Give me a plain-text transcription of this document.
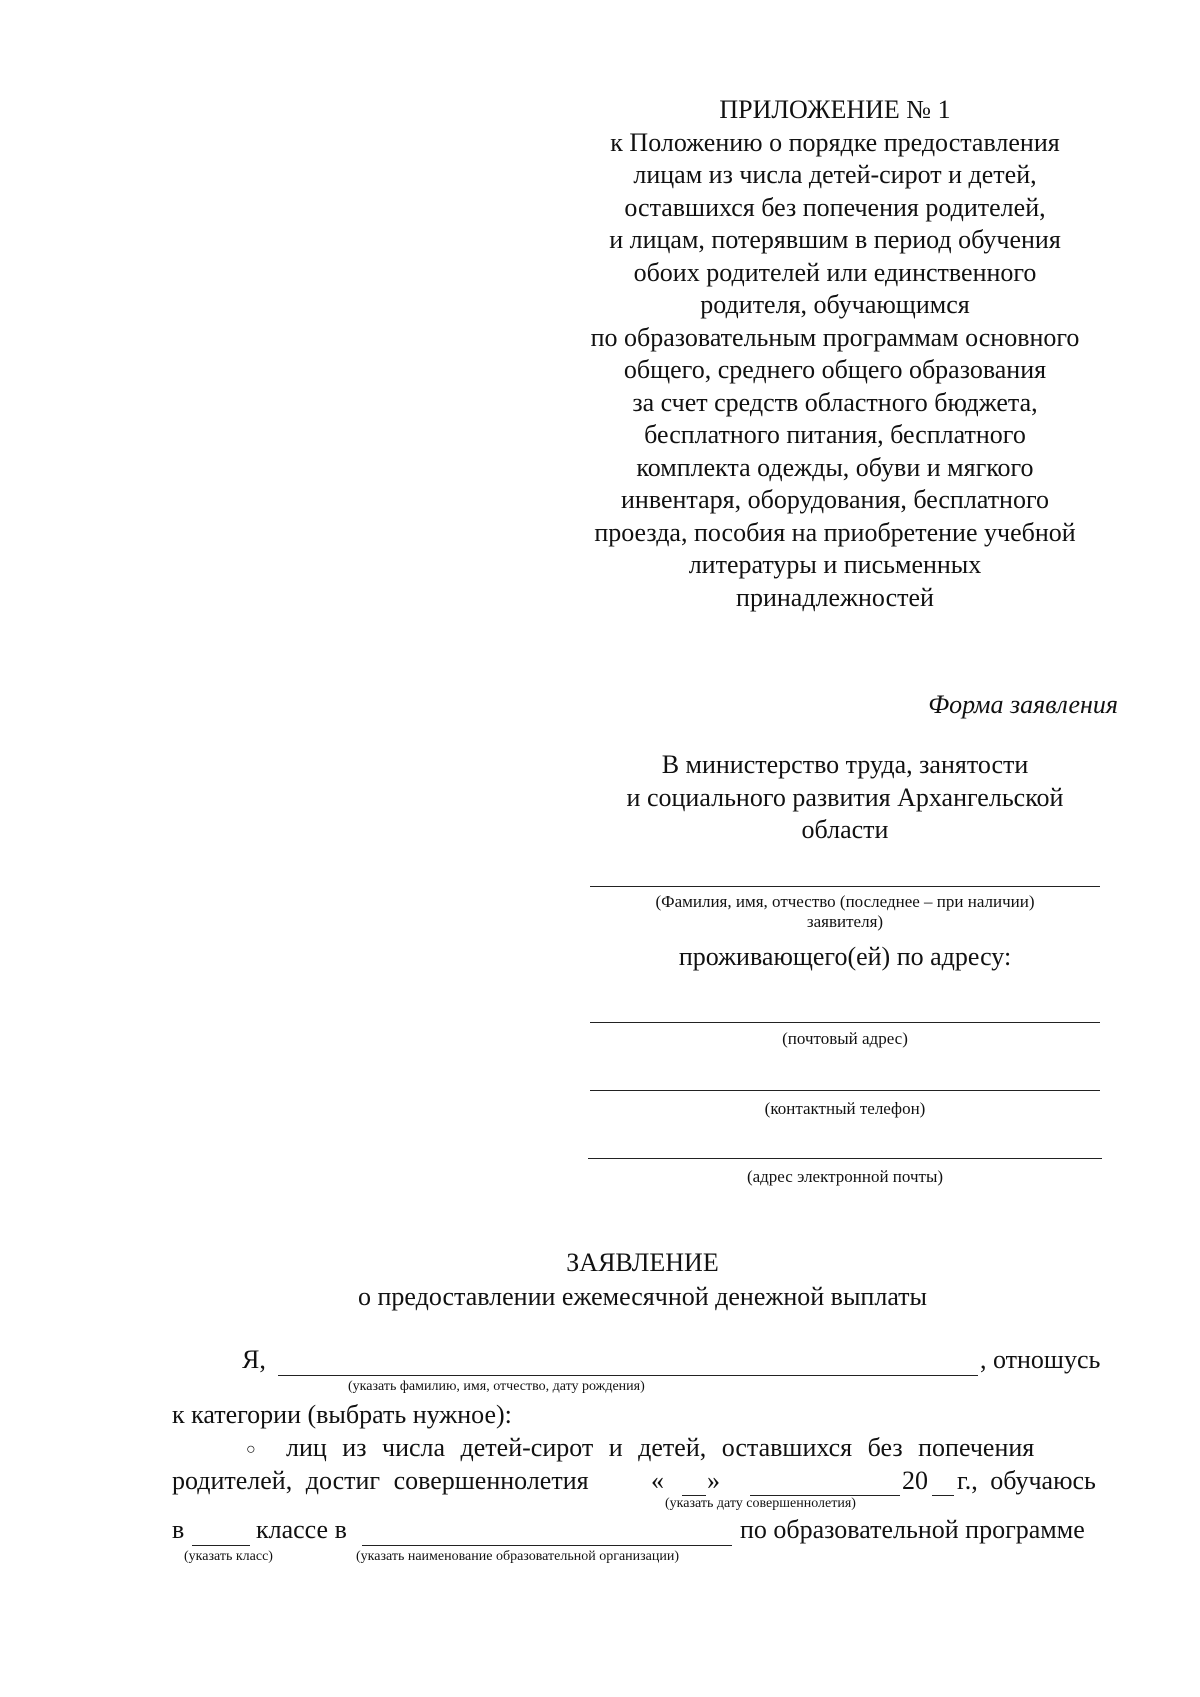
ПРИЛОЖЕНИЕ № 1
к Положению о порядке предоставления
лицам из числа детей-сирот и детей,
оставшихся без попечения родителей,
и лицам, потерявшим в период обучения
обоих родителей или единственного
родителя, обучающимся
по образовательным программам основного
общего, среднего общего образования
за счет средств областного бюджета,
бесплатного питания, бесплатного
комплекта одежды, обуви и мягкого
инвентаря, оборудования, бесплатного
проезда, пособия на приобретение учебной
литературы и письменных
принадлежностей
Форма заявления
В министерство труда, занятости
и социального развития Архангельской
области
(Фамилия, имя, отчество (последнее – при наличии)
заявителя)
проживающего(ей) по адресу:
(почтовый адрес)
(контактный телефон)
(адрес электронной почты)
ЗАЯВЛЕНИЕ
о предоставлении ежемесячной денежной выплаты
Я,	, отношусь
(указать фамилию, имя, отчество, дату рождения)
к категории (выбрать нужное):
○ лиц из числа детей-сирот и детей, оставшихся без попечения
родителей, достиг совершеннолетия « »	20 г., обучаюсь
(указать дату совершеннолетия)
в	классе в	по образовательной программе
(указать класс)	(указать наименование образовательной организации)
